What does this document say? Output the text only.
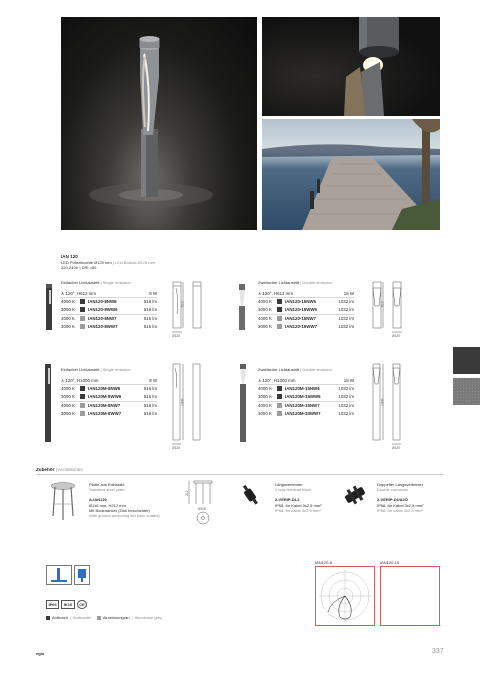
IAN 120
LED Pollerleuchte Ø120 mm | LED Bollard Ø120 mm
220-240V | CRI >80
Einfacher Lichtaustritt | Single emission
∧ 120°, H613 mm	8 W
4000 K	IAN120-8NW6	516 lm
3000 K	IAN120-8WW6	516 lm
4000 K	IAN120-8NW7	516 lm
3000 K	IAN120-8WW7	516 lm
613
Ø120
Zweifacher Lichtaustritt | Double emission
∧ 120°, H613 mm	16 W
4000 K	IAN120-15NW6	1032 lm
3000 K	IAN120-15WW6	1032 lm
4000 K	IAN120-15NW7	1032 lm
3000 K	IAN120-15WW7	1032 lm
613
Ø120
Einfacher Lichtaustritt | Single emission
∧ 120°, H1000 mm	8 W
4000 K	IAN120M-8NW6	516 lm
3000 K	IAN120M-8WW6	516 lm
4000 K	IAN120M-8NW7	516 lm
3000 K	IAN120M-8WW7	516 lm
1000
Ø120
Zweifacher Lichtaustritt | Double emission
∧ 120°, H1000 mm	16 W
4000 K	IAN120M-15NW6	1032 lm
3000 K	IAN120M-15WW6	1032 lm
4000 K	IAN120M-15NW7	1032 lm
3000 K	IAN120M-15WW7	1032 lm
1000
Ø120
Zubehör | Accessories
Platte aus Edelstahl
Stainless steel plate
A-IAN120
Ø116 mm, H212 mm
Mit Bodenanker (Zink beschichtet)
With ground anchoring set (zinc coated)
212
Ø116
Längsverbinder
2 way terminal block
2-VERIP-DL2
IP68, für Kabel 3x2,5 mm²
IP68, for cable 3x2,5 mm²
Doppelter Längsverbinder
Double connector
2-VERIP-DUA2O
IP68, für Kabel 3x2,5 mm²
IP68, for cable 3x2,5 mm²
IP66	IK10	CE
Anthrazit | Anthracite	Aluminiumgrau | Aluminium grey
IAN120-8	IAN120-15
eglo	337
